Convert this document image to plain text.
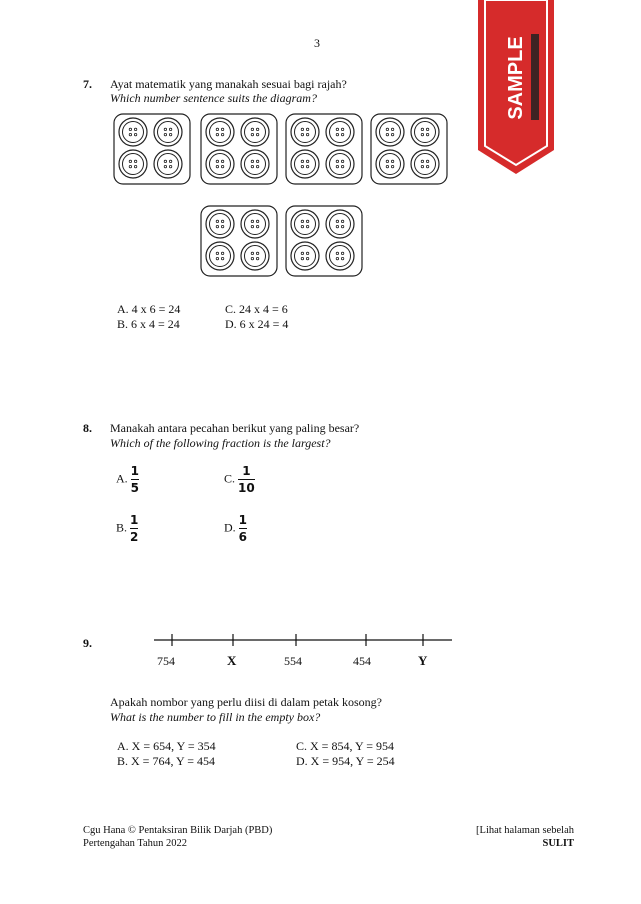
3	SAMPLE
7. Ayat matematik yang manakah sesuai bagi rajah?
Which number sentence suits the diagram?
A. 4 x 6 = 24
B. 6 x 4 = 24
C. 24 x 4 = 6
D. 6 x 24 = 4
8. Manakah antara pecahan berikut yang paling besar?
Which of the following fraction is the largest?
A. $\frac{1}{5}$
B. $\frac{1}{2}$
C. $\frac{1}{10}$
D. $\frac{1}{6}$
9.
754	X	554	454	Y
Apakah nombor yang perlu diisi di dalam petak kosong?
What is the number to fill in the empty box?
A. X = 654, Y = 354
B. X = 764, Y = 454
C. X = 854, Y = 954
D. X = 954, Y = 254
Cgu Hana © Pentaksiran Bilik Darjah (PBD)
Pertengahan Tahun 2022
[Lihat halaman sebelah
SULIT
